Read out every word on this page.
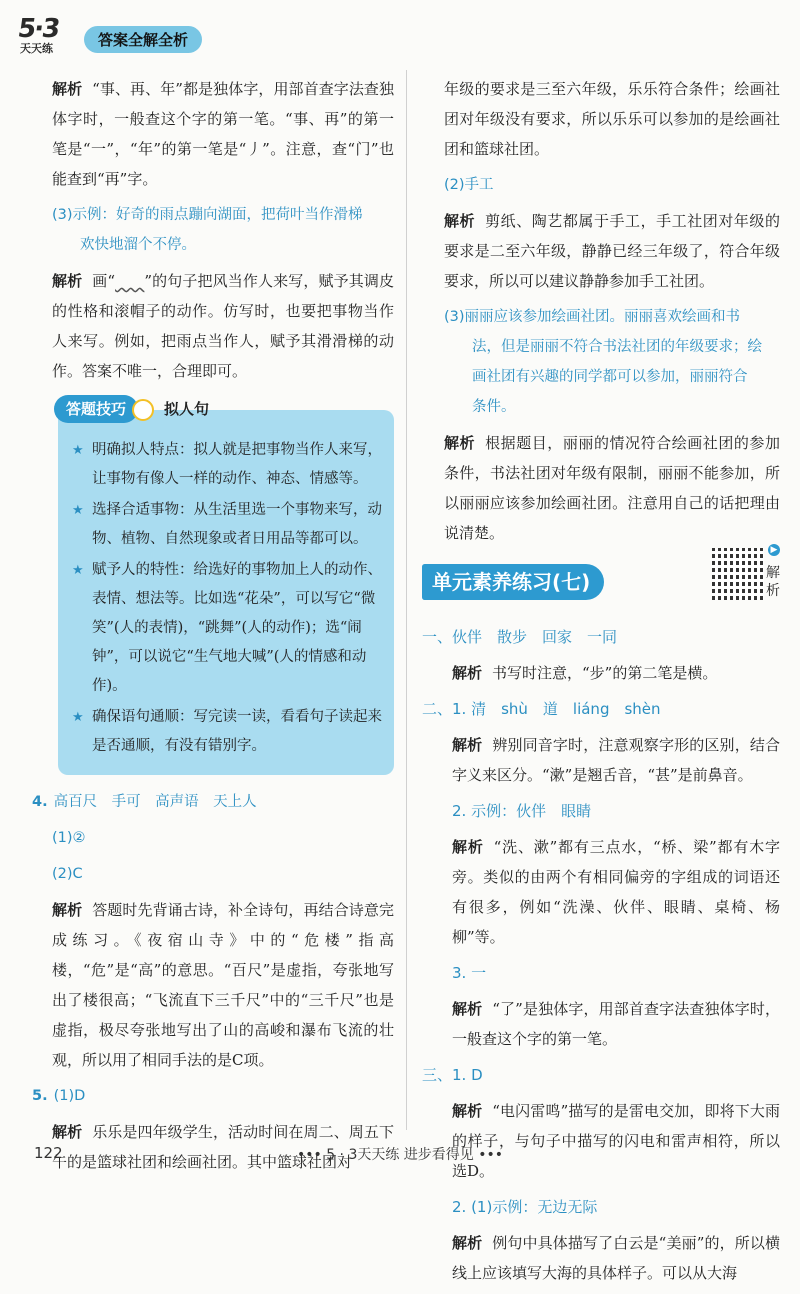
5·3
天天练	答案全解全析

解析 “事、再、年”都是独体字，用部首查字法查独体字时，一般查这个字的第一笔。“事、再”的第一笔是“一”，“年”的第一笔是“丿”。注意，查“门”也能查到“再”字。

(3)示例：好奇的雨点蹦向湖面，把荷叶当作滑梯
欢快地溜个不停。

解析 画“ ”的句子把风当作人来写，赋予其调皮的性格和滚帽子的动作。仿写时，也要把事物当作人来写。例如，把雨点当作人，赋予其滑滑梯的动作。答案不唯一，合理即可。

答题技巧	拟人句
★ 明确拟人特点：拟人就是把事物当作人来写，让事物有像人一样的动作、神态、情感等。
★ 选择合适事物：从生活里选一个事物来写，动物、植物、自然现象或者日用品等都可以。
★ 赋予人的特性：给选好的事物加上人的动作、表情、想法等。比如选“花朵”，可以写它“微笑”(人的表情)，“跳舞”(人的动作)；选“闹钟”，可以说它“生气地大喊”(人的情感和动作)。
★ 确保语句通顺：写完读一读，看看句子读起来是否通顺，有没有错别字。
4. 高百尺　手可　高声语　天上人
(1)②
(2)C

解析 答题时先背诵古诗，补全诗句，再结合诗意完成练习。《夜宿山寺》中的“危楼”指高楼，“危”是“高”的意思。“百尺”是虚指，夸张地写出了楼很高；“飞流直下三千尺”中的“三千尺”也是虚指，极尽夸张地写出了山的高峻和瀑布飞流的壮观，所以用了相同手法的是C项。

5. (1)D

解析 乐乐是四年级学生，活动时间在周二、周五下午的是篮球社团和绘画社团。其中篮球社团对

年级的要求是三至六年级，乐乐符合条件；绘画社团对年级没有要求，所以乐乐可以参加的是绘画社团和篮球社团。

(2)手工

解析 剪纸、陶艺都属于手工，手工社团对年级的要求是二至六年级，静静已经三年级了，符合年级要求，所以可以建议静静参加手工社团。

(3)丽丽应该参加绘画社团。丽丽喜欢绘画和书
法，但是丽丽不符合书法社团的年级要求；绘
画社团有兴趣的同学都可以参加，丽丽符合
条件。

解析 根据题目，丽丽的情况符合绘画社团的参加条件，书法社团对年级有限制，丽丽不能参加，所以丽丽应该参加绘画社团。注意用自己的话把理由说清楚。

单元素养练习(七)
▶
解析
一、伙伴　散步　回家　一同

解析 书写时注意，“步”的第二笔是横。

二、1. 清　shù　道　liáng　shèn

解析 辨别同音字时，注意观察字形的区别，结合字义来区分。“漱”是翘舌音，“甚”是前鼻音。

2. 示例：伙伴　眼睛

解析 “洗、漱”都有三点水，“桥、梁”都有木字旁。类似的由两个有相同偏旁的字组成的词语还有很多，例如“洗澡、伙伴、眼睛、桌椅、杨柳”等。

3. 一

解析 “了”是独体字，用部首查字法查独体字时，一般查这个字的第一笔。

三、1. D

解析 “电闪雷鸣”描写的是雷电交加，即将下大雨的样子，与句子中描写的闪电和雷声相符，所以选D。

2. (1)示例：无边无际

解析 例句中具体描写了白云是“美丽”的，所以横线上应该填写大海的具体样子。可以从大海

122	••• 5 · 3天天练 进步看得见 •••
